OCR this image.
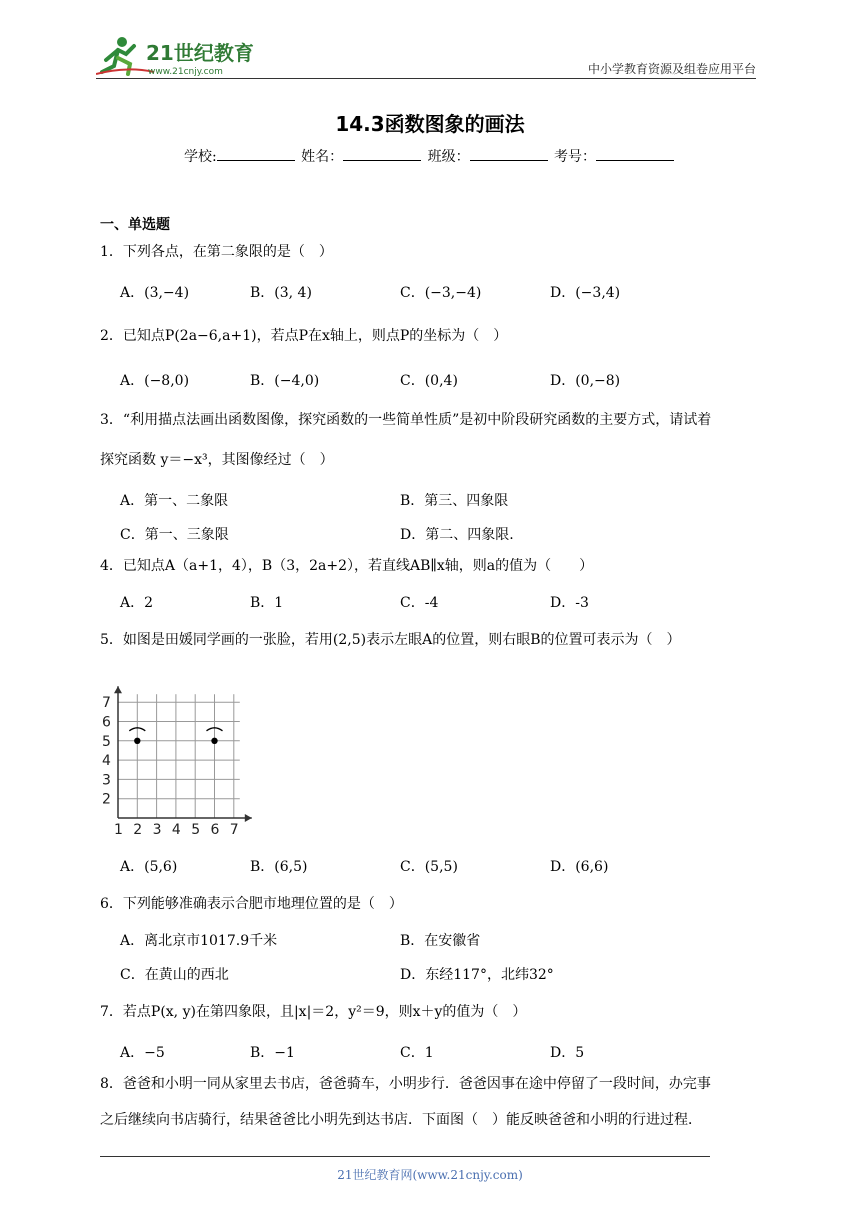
21世纪教育
www.21cnjy.com	中小学教育资源及组卷应用平台
14.3函数图象的画法
学校:	姓名：	班级：	考号：
一、单选题
1．下列各点，在第二象限的是（　）
A．(3,−4)	B．(3, 4)	C．(−3,−4)	D．(−3,4)
2．已知点P(2a−6,a+1)，若点P在x轴上，则点P的坐标为（　）
A．(−8,0)	B．(−4,0)	C．(0,4)	D．(0,−8)
3．“利用描点法画出函数图像，探究函数的一些简单性质”是初中阶段研究函数的主要方式，请试着
探究函数 y＝−x³，其图像经过（　）
A．第一、二象限	B．第三、四象限
C．第一、三象限	D．第二、四象限.
4．已知点A（a+1，4），B（3，2a+2），若直线AB∥x轴，则a的值为（　　）
A．2	B．1	C．-4	D．-3
5．如图是田媛同学画的一张脸，若用(2,5)表示左眼A的位置，则右眼B的位置可表示为（　）
1 2 3 4 5 6 7
2
3
4
5
6
7
A．(5,6)	B．(6,5)	C．(5,5)	D．(6,6)
6．下列能够准确表示合肥市地理位置的是（　）
A．离北京市1017.9千米	B．在安徽省
C．在黄山的西北	D．东经117°，北纬32°
7．若点P(x, y)在第四象限，且|x|＝2，y²＝9，则x＋y的值为（　）
A．−5	B．−1	C．1	D．5
8．爸爸和小明一同从家里去书店，爸爸骑车，小明步行．爸爸因事在途中停留了一段时间，办完事
之后继续向书店骑行，结果爸爸比小明先到达书店．下面图（　）能反映爸爸和小明的行进过程．
21世纪教育网(www.21cnjy.com)
